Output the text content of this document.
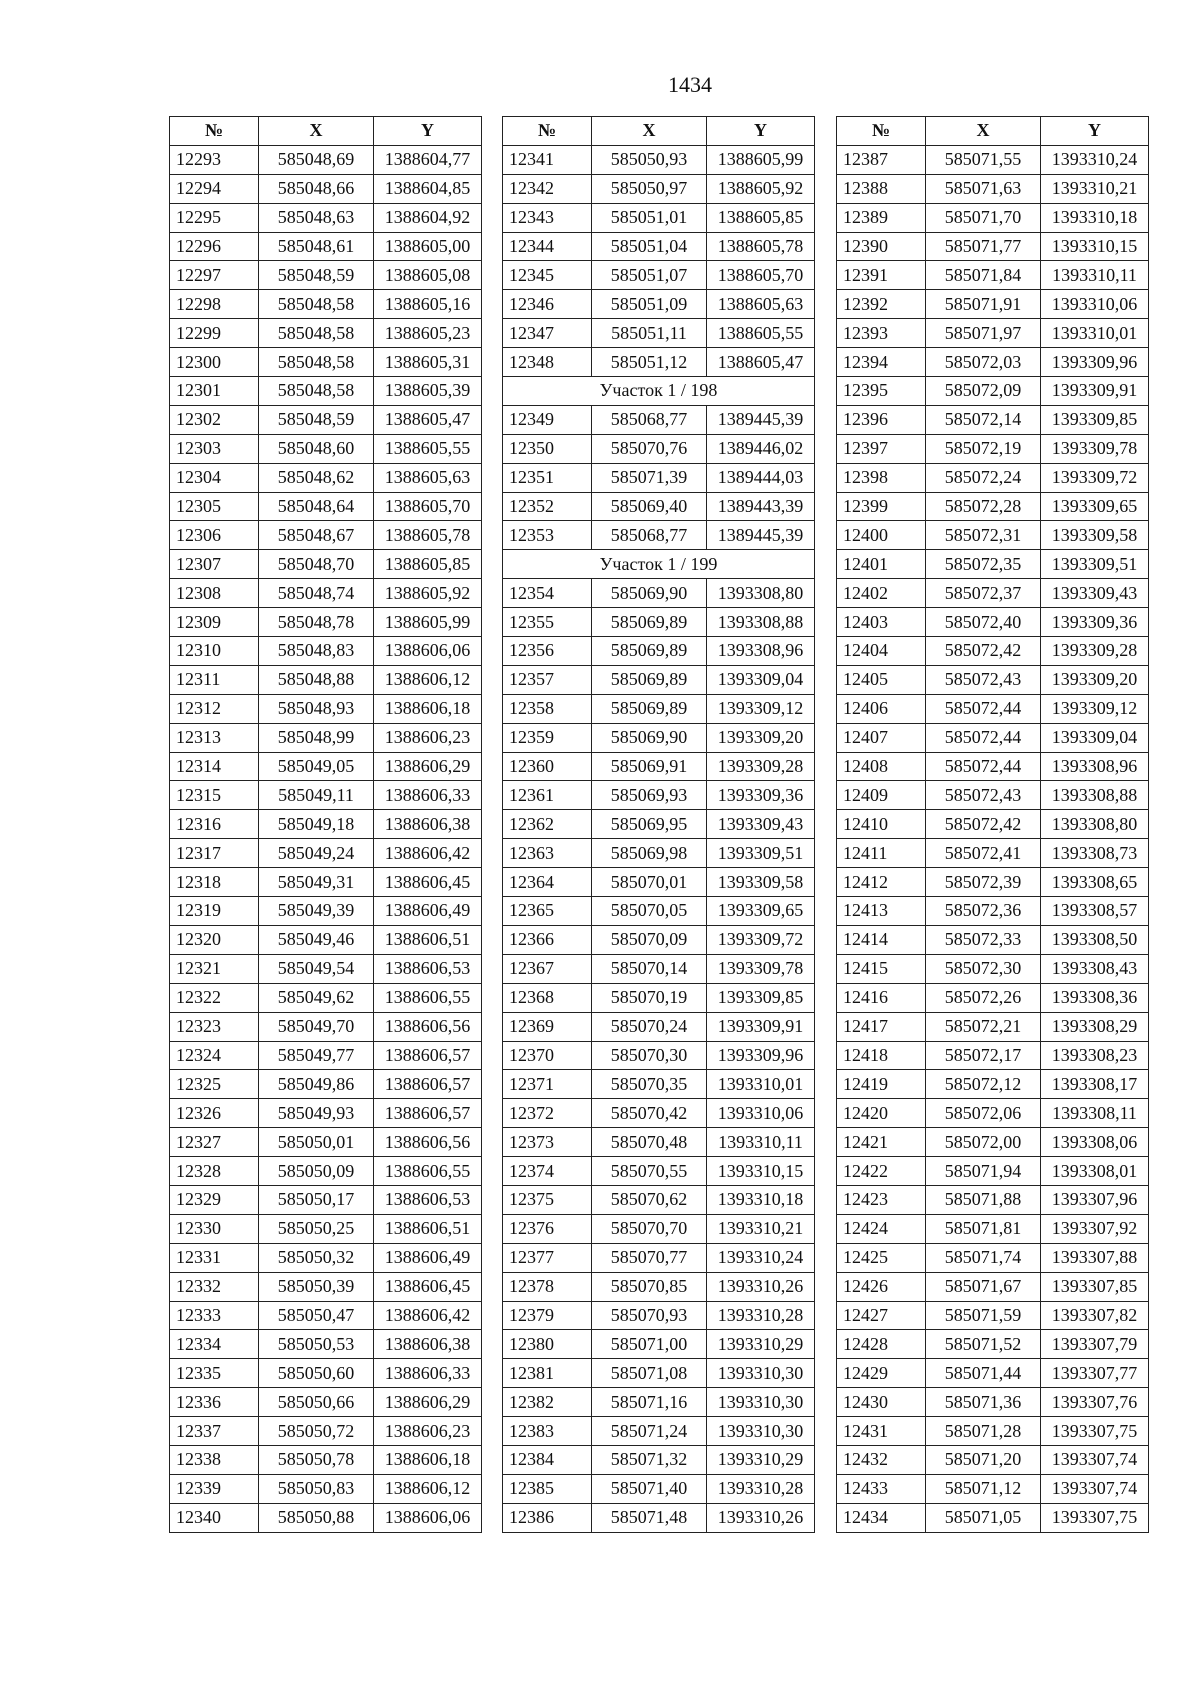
1434
№	X	Y
12293	585048,69	1388604,77
12294	585048,66	1388604,85
12295	585048,63	1388604,92
12296	585048,61	1388605,00
12297	585048,59	1388605,08
12298	585048,58	1388605,16
12299	585048,58	1388605,23
12300	585048,58	1388605,31
12301	585048,58	1388605,39
12302	585048,59	1388605,47
12303	585048,60	1388605,55
12304	585048,62	1388605,63
12305	585048,64	1388605,70
12306	585048,67	1388605,78
12307	585048,70	1388605,85
12308	585048,74	1388605,92
12309	585048,78	1388605,99
12310	585048,83	1388606,06
12311	585048,88	1388606,12
12312	585048,93	1388606,18
12313	585048,99	1388606,23
12314	585049,05	1388606,29
12315	585049,11	1388606,33
12316	585049,18	1388606,38
12317	585049,24	1388606,42
12318	585049,31	1388606,45
12319	585049,39	1388606,49
12320	585049,46	1388606,51
12321	585049,54	1388606,53
12322	585049,62	1388606,55
12323	585049,70	1388606,56
12324	585049,77	1388606,57
12325	585049,86	1388606,57
12326	585049,93	1388606,57
12327	585050,01	1388606,56
12328	585050,09	1388606,55
12329	585050,17	1388606,53
12330	585050,25	1388606,51
12331	585050,32	1388606,49
12332	585050,39	1388606,45
12333	585050,47	1388606,42
12334	585050,53	1388606,38
12335	585050,60	1388606,33
12336	585050,66	1388606,29
12337	585050,72	1388606,23
12338	585050,78	1388606,18
12339	585050,83	1388606,12
12340	585050,88	1388606,06
№	X	Y
12341	585050,93	1388605,99
12342	585050,97	1388605,92
12343	585051,01	1388605,85
12344	585051,04	1388605,78
12345	585051,07	1388605,70
12346	585051,09	1388605,63
12347	585051,11	1388605,55
12348	585051,12	1388605,47
Участок 1 / 198		
12349	585068,77	1389445,39
12350	585070,76	1389446,02
12351	585071,39	1389444,03
12352	585069,40	1389443,39
12353	585068,77	1389445,39
Участок 1 / 199		
12354	585069,90	1393308,80
12355	585069,89	1393308,88
12356	585069,89	1393308,96
12357	585069,89	1393309,04
12358	585069,89	1393309,12
12359	585069,90	1393309,20
12360	585069,91	1393309,28
12361	585069,93	1393309,36
12362	585069,95	1393309,43
12363	585069,98	1393309,51
12364	585070,01	1393309,58
12365	585070,05	1393309,65
12366	585070,09	1393309,72
12367	585070,14	1393309,78
12368	585070,19	1393309,85
12369	585070,24	1393309,91
12370	585070,30	1393309,96
12371	585070,35	1393310,01
12372	585070,42	1393310,06
12373	585070,48	1393310,11
12374	585070,55	1393310,15
12375	585070,62	1393310,18
12376	585070,70	1393310,21
12377	585070,77	1393310,24
12378	585070,85	1393310,26
12379	585070,93	1393310,28
12380	585071,00	1393310,29
12381	585071,08	1393310,30
12382	585071,16	1393310,30
12383	585071,24	1393310,30
12384	585071,32	1393310,29
12385	585071,40	1393310,28
12386	585071,48	1393310,26
№	X	Y
12387	585071,55	1393310,24
12388	585071,63	1393310,21
12389	585071,70	1393310,18
12390	585071,77	1393310,15
12391	585071,84	1393310,11
12392	585071,91	1393310,06
12393	585071,97	1393310,01
12394	585072,03	1393309,96
12395	585072,09	1393309,91
12396	585072,14	1393309,85
12397	585072,19	1393309,78
12398	585072,24	1393309,72
12399	585072,28	1393309,65
12400	585072,31	1393309,58
12401	585072,35	1393309,51
12402	585072,37	1393309,43
12403	585072,40	1393309,36
12404	585072,42	1393309,28
12405	585072,43	1393309,20
12406	585072,44	1393309,12
12407	585072,44	1393309,04
12408	585072,44	1393308,96
12409	585072,43	1393308,88
12410	585072,42	1393308,80
12411	585072,41	1393308,73
12412	585072,39	1393308,65
12413	585072,36	1393308,57
12414	585072,33	1393308,50
12415	585072,30	1393308,43
12416	585072,26	1393308,36
12417	585072,21	1393308,29
12418	585072,17	1393308,23
12419	585072,12	1393308,17
12420	585072,06	1393308,11
12421	585072,00	1393308,06
12422	585071,94	1393308,01
12423	585071,88	1393307,96
12424	585071,81	1393307,92
12425	585071,74	1393307,88
12426	585071,67	1393307,85
12427	585071,59	1393307,82
12428	585071,52	1393307,79
12429	585071,44	1393307,77
12430	585071,36	1393307,76
12431	585071,28	1393307,75
12432	585071,20	1393307,74
12433	585071,12	1393307,74
12434	585071,05	1393307,75
